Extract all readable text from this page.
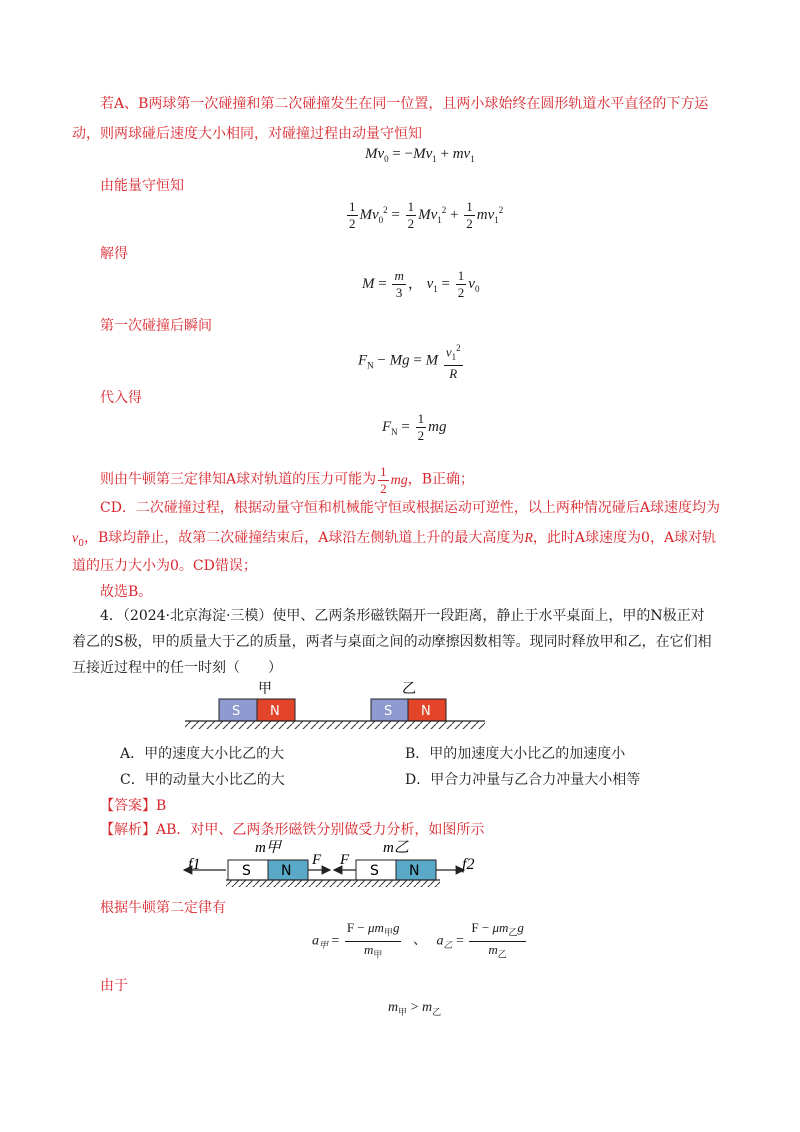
若A、B两球第一次碰撞和第二次碰撞发生在同一位置，且两小球始终在圆形轨道水平直径的下方运
动，则两球碰后速度大小相同，对碰撞过程由动量守恒知
$Mv_0 = -Mv_1 + mv_1$
由能量守恒知
$\frac{1}{2} Mv_0^2 = \frac{1}{2} Mv_1^2 + \frac{1}{2} mv_1^2$
解得
$M = \frac{m}{3}$ ， $v_1 = \frac{1}{2} v_0$
第一次碰撞后瞬间
$F_N - Mg = M \frac{v_1^2}{R}$
代入得
$F_N = \frac{1}{2}$ mg
则由牛顿第三定律知A球对轨道的压力可能为 $\frac{1}{2}$ mg，B正确；
CD．二次碰撞过程，根据动量守恒和机械能守恒或根据运动可逆性，以上两种情况碰后A球速度均为
$v_0$，B球均静止，故第二次碰撞结束后，A球沿左侧轨道上升的最大高度为R，此时A球速度为0，A球对轨
道的压力大小为0。CD错误；
故选B。
4．（2024·北京海淀·三模）使甲、乙两条形磁铁隔开一段距离，静止于水平桌面上，甲的N极正对
着乙的S极，甲的质量大于乙的质量，两者与桌面之间的动摩擦因数相等。现同时释放甲和乙，在它们相
互接近过程中的任一时刻（　　）
甲	乙
S N	S N
A．甲的速度大小比乙的大	B．甲的加速度大小比乙的加速度小
C．甲的动量大小比乙的大	D．甲合力冲量与乙合力冲量大小相等
【答案】B
【解析】AB．对甲、乙两条形磁铁分别做受力分析，如图所示
m甲	m乙
f1	S N
F F
S N	f2
根据牛顿第二定律有
$a_甲 = \frac{F - \mu m_甲g}{m_甲}$ 、 $a_乙 = \frac{F - \mu m_乙g}{m_乙}$
由于
$m_甲 > m_乙$
